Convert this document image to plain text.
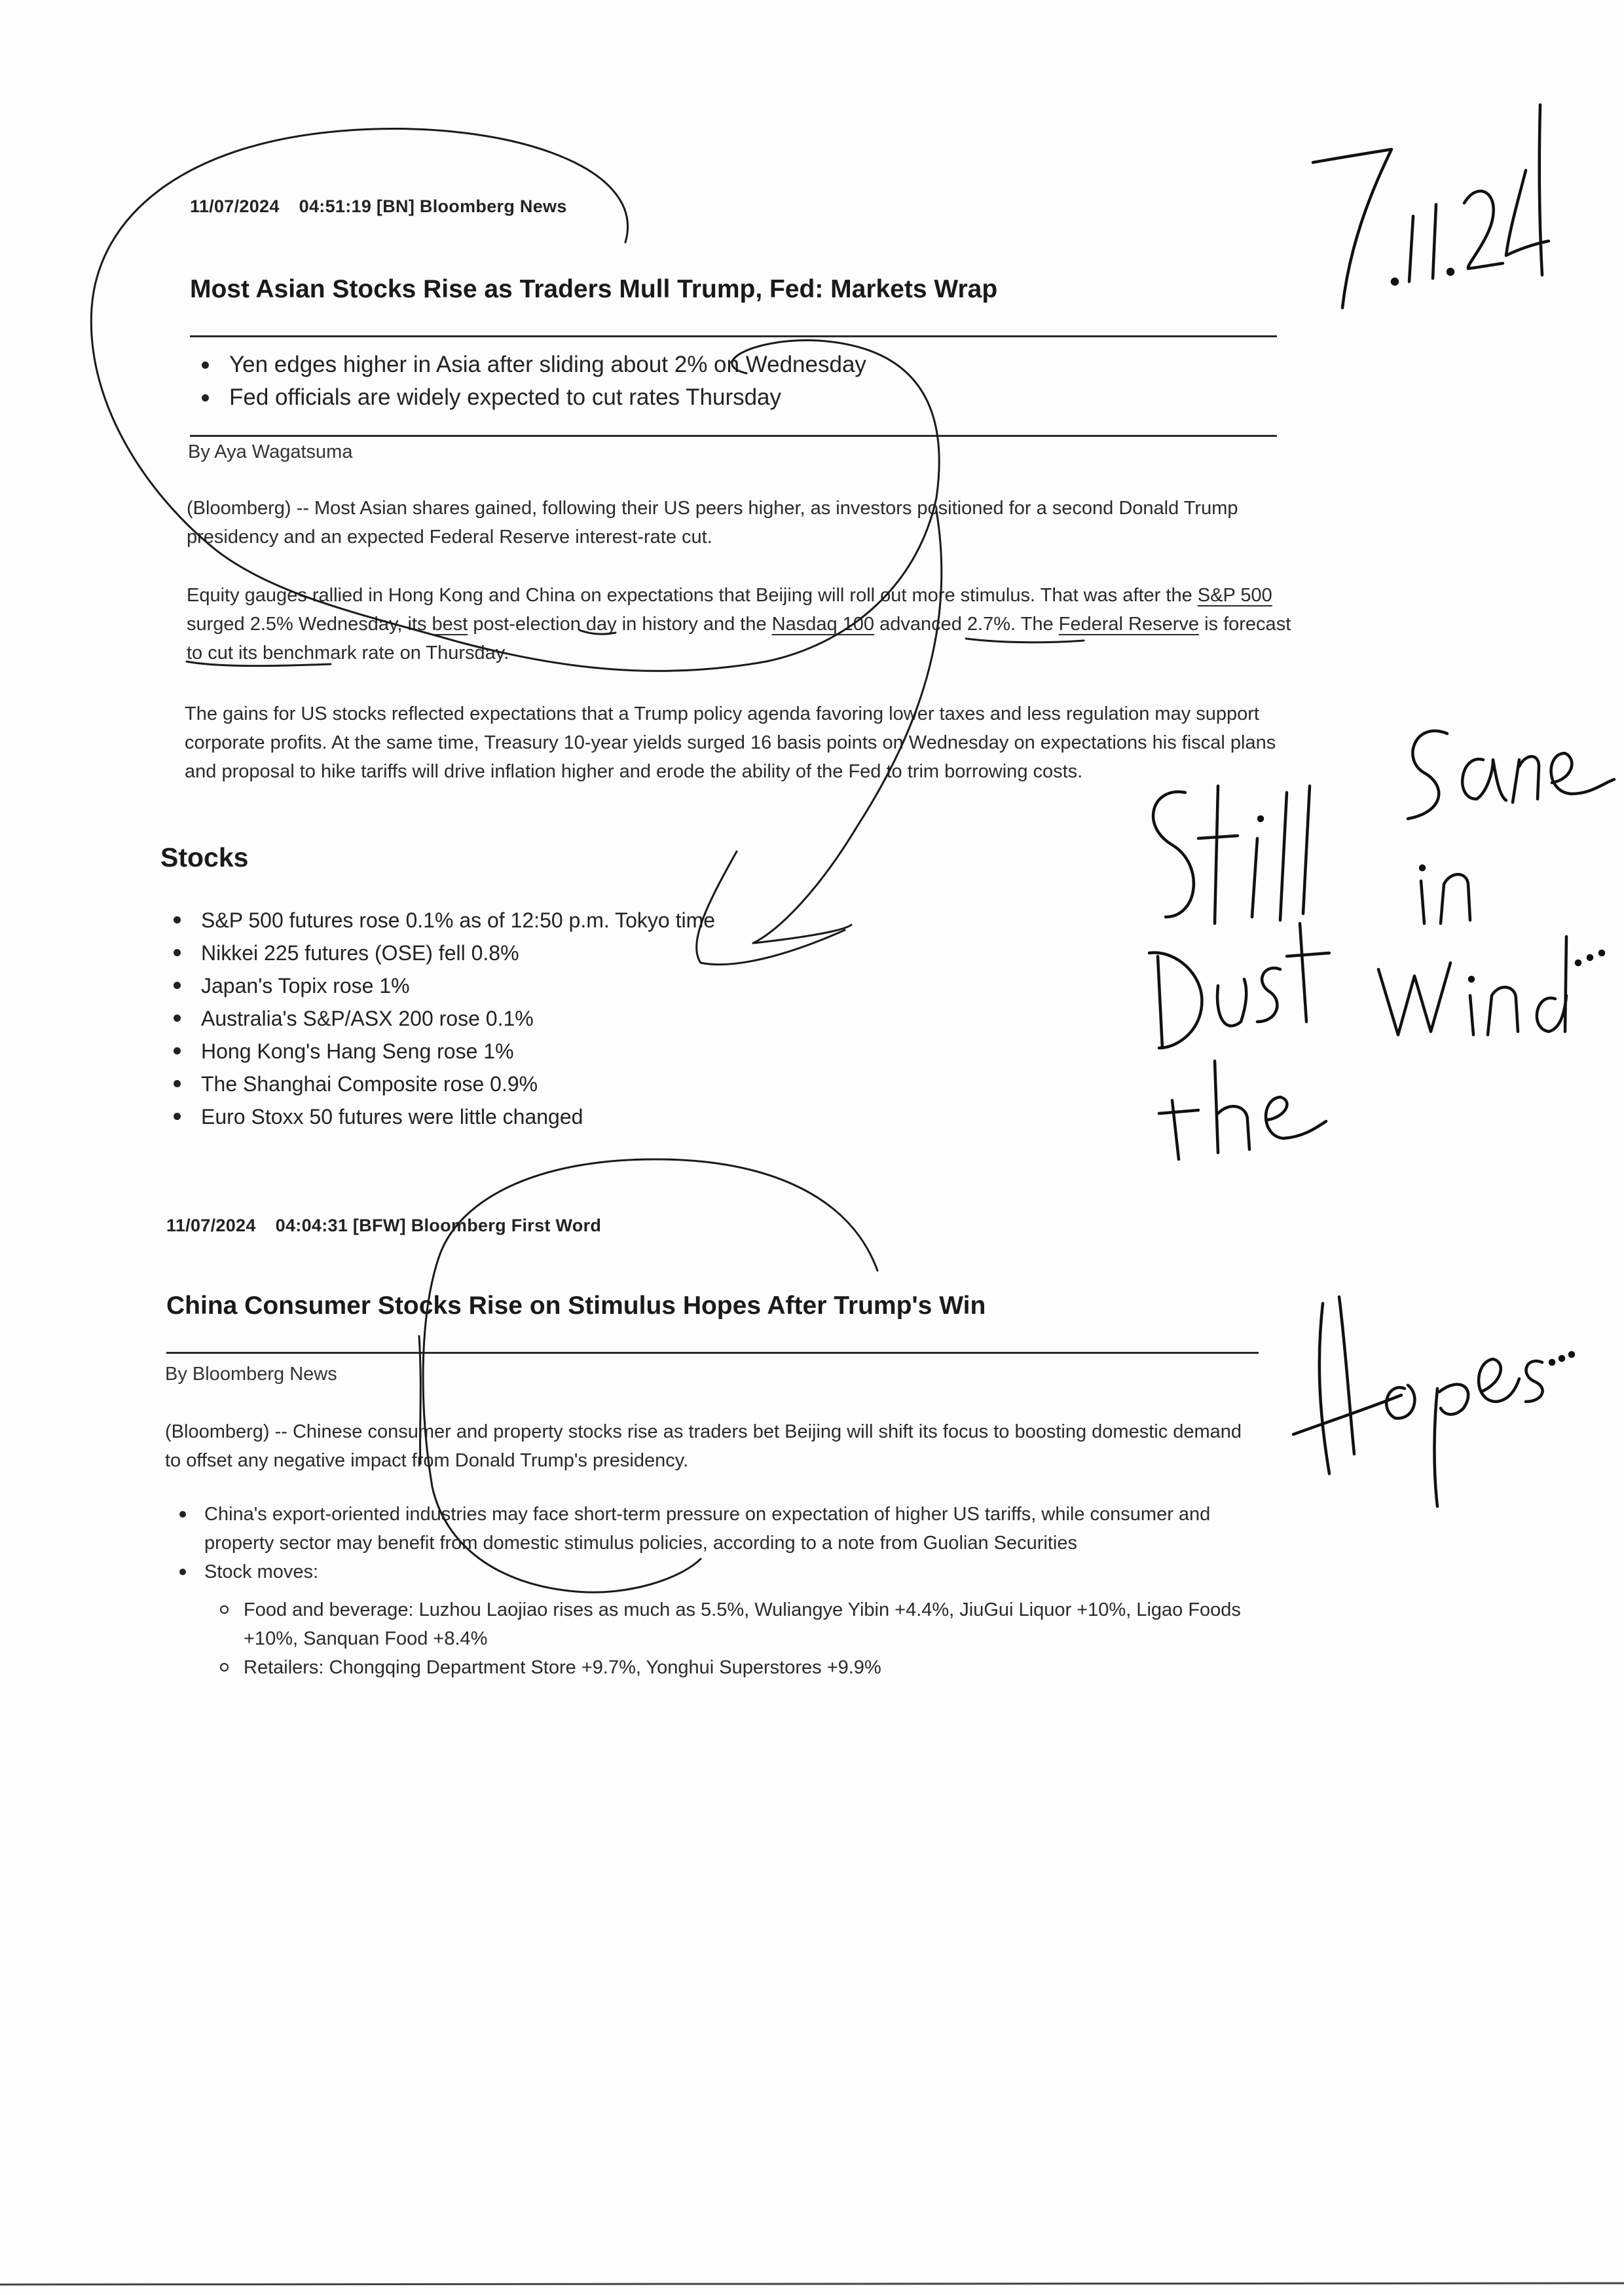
11/07/2024 04:51:19 [BN] Bloomberg News
Most Asian Stocks Rise as Traders Mull Trump, Fed: Markets Wrap
Yen edges higher in Asia after sliding about 2% on Wednesday
Fed officials are widely expected to cut rates Thursday
By Aya Wagatsuma

(Bloomberg) -- Most Asian shares gained, following their US peers higher, as investors positioned for a second Donald Trump presidency and an expected Federal Reserve interest-rate cut.

Equity gauges rallied in Hong Kong and China on expectations that Beijing will roll out more stimulus. That was after the S&P 500 surged 2.5% Wednesday, its best post-election day in history and the Nasdaq 100 advanced 2.7%. The Federal Reserve is forecast to cut its benchmark rate on Thursday.

The gains for US stocks reflected expectations that a Trump policy agenda favoring lower taxes and less regulation may support corporate profits. At the same time, Treasury 10-year yields surged 16 basis points on Wednesday on expectations his fiscal plans and proposal to hike tariffs will drive inflation higher and erode the ability of the Fed to trim borrowing costs.

Stocks
S&P 500 futures rose 0.1% as of 12:50 p.m. Tokyo time
Nikkei 225 futures (OSE) fell 0.8%
Japan's Topix rose 1%
Australia's S&P/ASX 200 rose 0.1%
Hong Kong's Hang Seng rose 1%
The Shanghai Composite rose 0.9%
Euro Stoxx 50 futures were little changed
11/07/2024 04:04:31 [BFW] Bloomberg First Word
China Consumer Stocks Rise on Stimulus Hopes After Trump's Win
By Bloomberg News

(Bloomberg) -- Chinese consumer and property stocks rise as traders bet Beijing will shift its focus to boosting domestic demand to offset any negative impact from Donald Trump's presidency.

China's export-oriented industries may face short-term pressure on expectation of higher US tariffs, while consumer and property sector may benefit from domestic stimulus policies, according to a note from Guolian Securities
Stock moves:
Food and beverage: Luzhou Laojiao rises as much as 5.5%, Wuliangye Yibin +4.4%, JiuGui Liquor +10%, Ligao Foods +10%, Sanquan Food +8.4%
Retailers: Chongqing Department Store +9.7%, Yonghui Superstores +9.9%
